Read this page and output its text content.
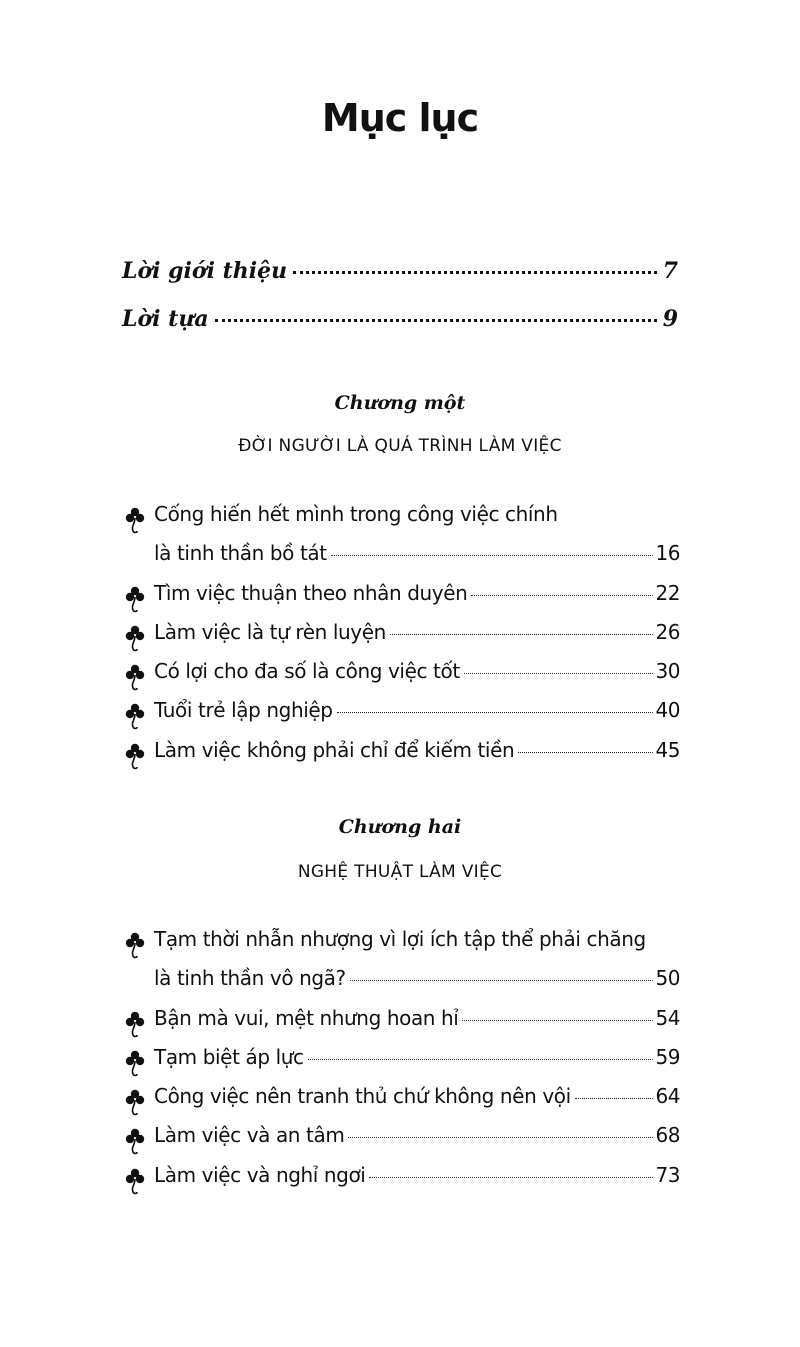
Mục lục
Lời giới thiệu	7
Lời tựa	9
Chương một
ĐỜI NGƯỜI LÀ QUÁ TRÌNH LÀM VIỆC
Cống hiến hết mình trong công việc chính
là tinh thần bồ tát	16
Tìm việc thuận theo nhân duyên	22
Làm việc là tự rèn luyện	26
Có lợi cho đa số là công việc tốt	30
Tuổi trẻ lập nghiệp	40
Làm việc không phải chỉ để kiếm tiền	45
Chương hai
NGHỆ THUẬT LÀM VIỆC
Tạm thời nhẫn nhượng vì lợi ích tập thể phải chăng
là tinh thần vô ngã?	50
Bận mà vui, mệt nhưng hoan hỉ	54
Tạm biệt áp lực	59
Công việc nên tranh thủ chứ không nên vội	64
Làm việc và an tâm	68
Làm việc và nghỉ ngơi	73
